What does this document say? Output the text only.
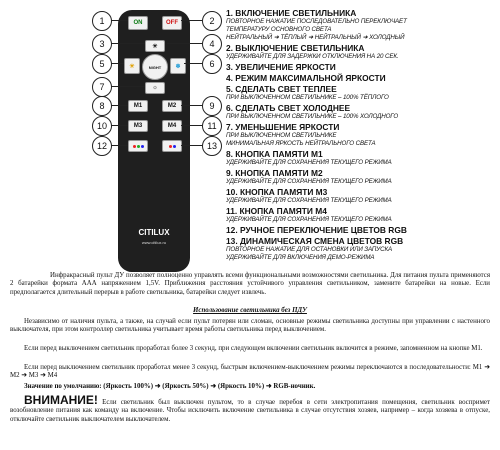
ON	OFF
☀
☀	NIGHT	❄
☼
M1	M2
M3	M4
CITILUX
www.citilux.ru
1
3
5
7
8
10
12
2
4
6
9
11
13
1. ВКЛЮЧЕНИЕ СВЕТИЛЬНИКА
ПОВТОРНОЕ НАЖАТИЕ ПОСЛЕДОВАТЕЛЬНО ПЕРЕКЛЮЧАЕТ
ТЕМПЕРАТУРУ ОСНОВНОГО СВЕТА
НЕЙТРАЛЬНЫЙ ➜ ТЁПЛЫЙ ➜ НЕЙТРАЛЬНЫЙ ➜ ХОЛОДНЫЙ
2. ВЫКЛЮЧЕНИЕ СВЕТИЛЬНИКА
УДЕРЖИВАЙТЕ ДЛЯ ЗАДЕРЖКИ ОТКЛЮЧЕНИЯ НА 20 СЕК.
3. УВЕЛИЧЕНИЕ ЯРКОСТИ
4. РЕЖИМ МАКСИМАЛЬНОЙ ЯРКОСТИ
5. СДЕЛАТЬ СВЕТ ТЕПЛЕЕ
ПРИ ВЫКЛЮЧЕННОМ СВЕТИЛЬНИКЕ – 100% ТЁПЛОГО
6. СДЕЛАТЬ СВЕТ ХОЛОДНЕЕ
ПРИ ВЫКЛЮЧЕННОМ СВЕТИЛЬНИКЕ – 100% ХОЛОДНОГО
7. УМЕНЬШЕНИЕ ЯРКОСТИ
ПРИ ВЫКЛЮЧЕННОМ СВЕТИЛЬНИКЕ
МИНИМАЛЬНАЯ ЯРКОСТЬ НЕЙТРАЛЬНОГО СВЕТА
8. КНОПКА ПАМЯТИ М1
УДЕРЖИВАЙТЕ ДЛЯ СОХРАНЕНИЯ ТЕКУЩЕГО РЕЖИМА
9. КНОПКА ПАМЯТИ М2
УДЕРЖИВАЙТЕ ДЛЯ СОХРАНЕНИЯ ТЕКУЩЕГО РЕЖИМА
10. КНОПКА ПАМЯТИ М3
УДЕРЖИВАЙТЕ ДЛЯ СОХРАНЕНИЯ ТЕКУЩЕГО РЕЖИМА
11. КНОПКА ПАМЯТИ М4
УДЕРЖИВАЙТЕ ДЛЯ СОХРАНЕНИЯ ТЕКУЩЕГО РЕЖИМА
12. РУЧНОЕ ПЕРЕКЛЮЧЕНИЕ ЦВЕТОВ RGB
13. ДИНАМИЧЕСКАЯ СМЕНА ЦВЕТОВ RGB
ПОВТОРНОЕ НАЖАТИЕ ДЛЯ ОСТАНОВКИ ИЛИ ЗАПУСКА
УДЕРЖИВАЙТЕ ДЛЯ ВКЛЮЧЕНИЯ ДЕМО-РЕЖИМА
Инфракрасный пульт ДУ позволяет полноценно управлять всеми функциональными возможностями светильника. Для питания пульта применяются 2 батарейки формата ААА напряжением 1,5V. Приближения расстояния устойчивого управления светильником, замените батарейки на новые. Если предполагается длительный перерыв в работе светильника, батарейки следует извлечь.
Использование светильника без ПДУ
Независимо от наличия пульта, а также, на случай если пульт потерян или сломан, основные режимы светильника доступны при управлении с настенного выключателя, при этом контроллер светильника учитывает время работы светильника перед выключением.
Если перед выключением светильник проработал более 3 секунд, при следующем включении светильник включится в режиме, запомненном на кнопке M1.
Если перед выключением светильник проработал менее 3 секунд, быстрым включением-выключением режимы переключаются в последовательности: M1 ➜ M2 ➜ M3 ➜ M4
Значение по умолчанию: (Яркость 100%) ➜ (Яркость 50%) ➜ (Яркость 10%) ➜ RGB-ночник.
ВНИМАНИЕ! Если светильник был выключен пультом, то в случае перебоя в сети электропитания помещения, светильник воспримет возобновление питания как команду на включение. Чтобы исключить включение светильника в случае отсутствия хозяев, например – когда хозяева в отпуске, отключайте светильник выключателем выключателем.
